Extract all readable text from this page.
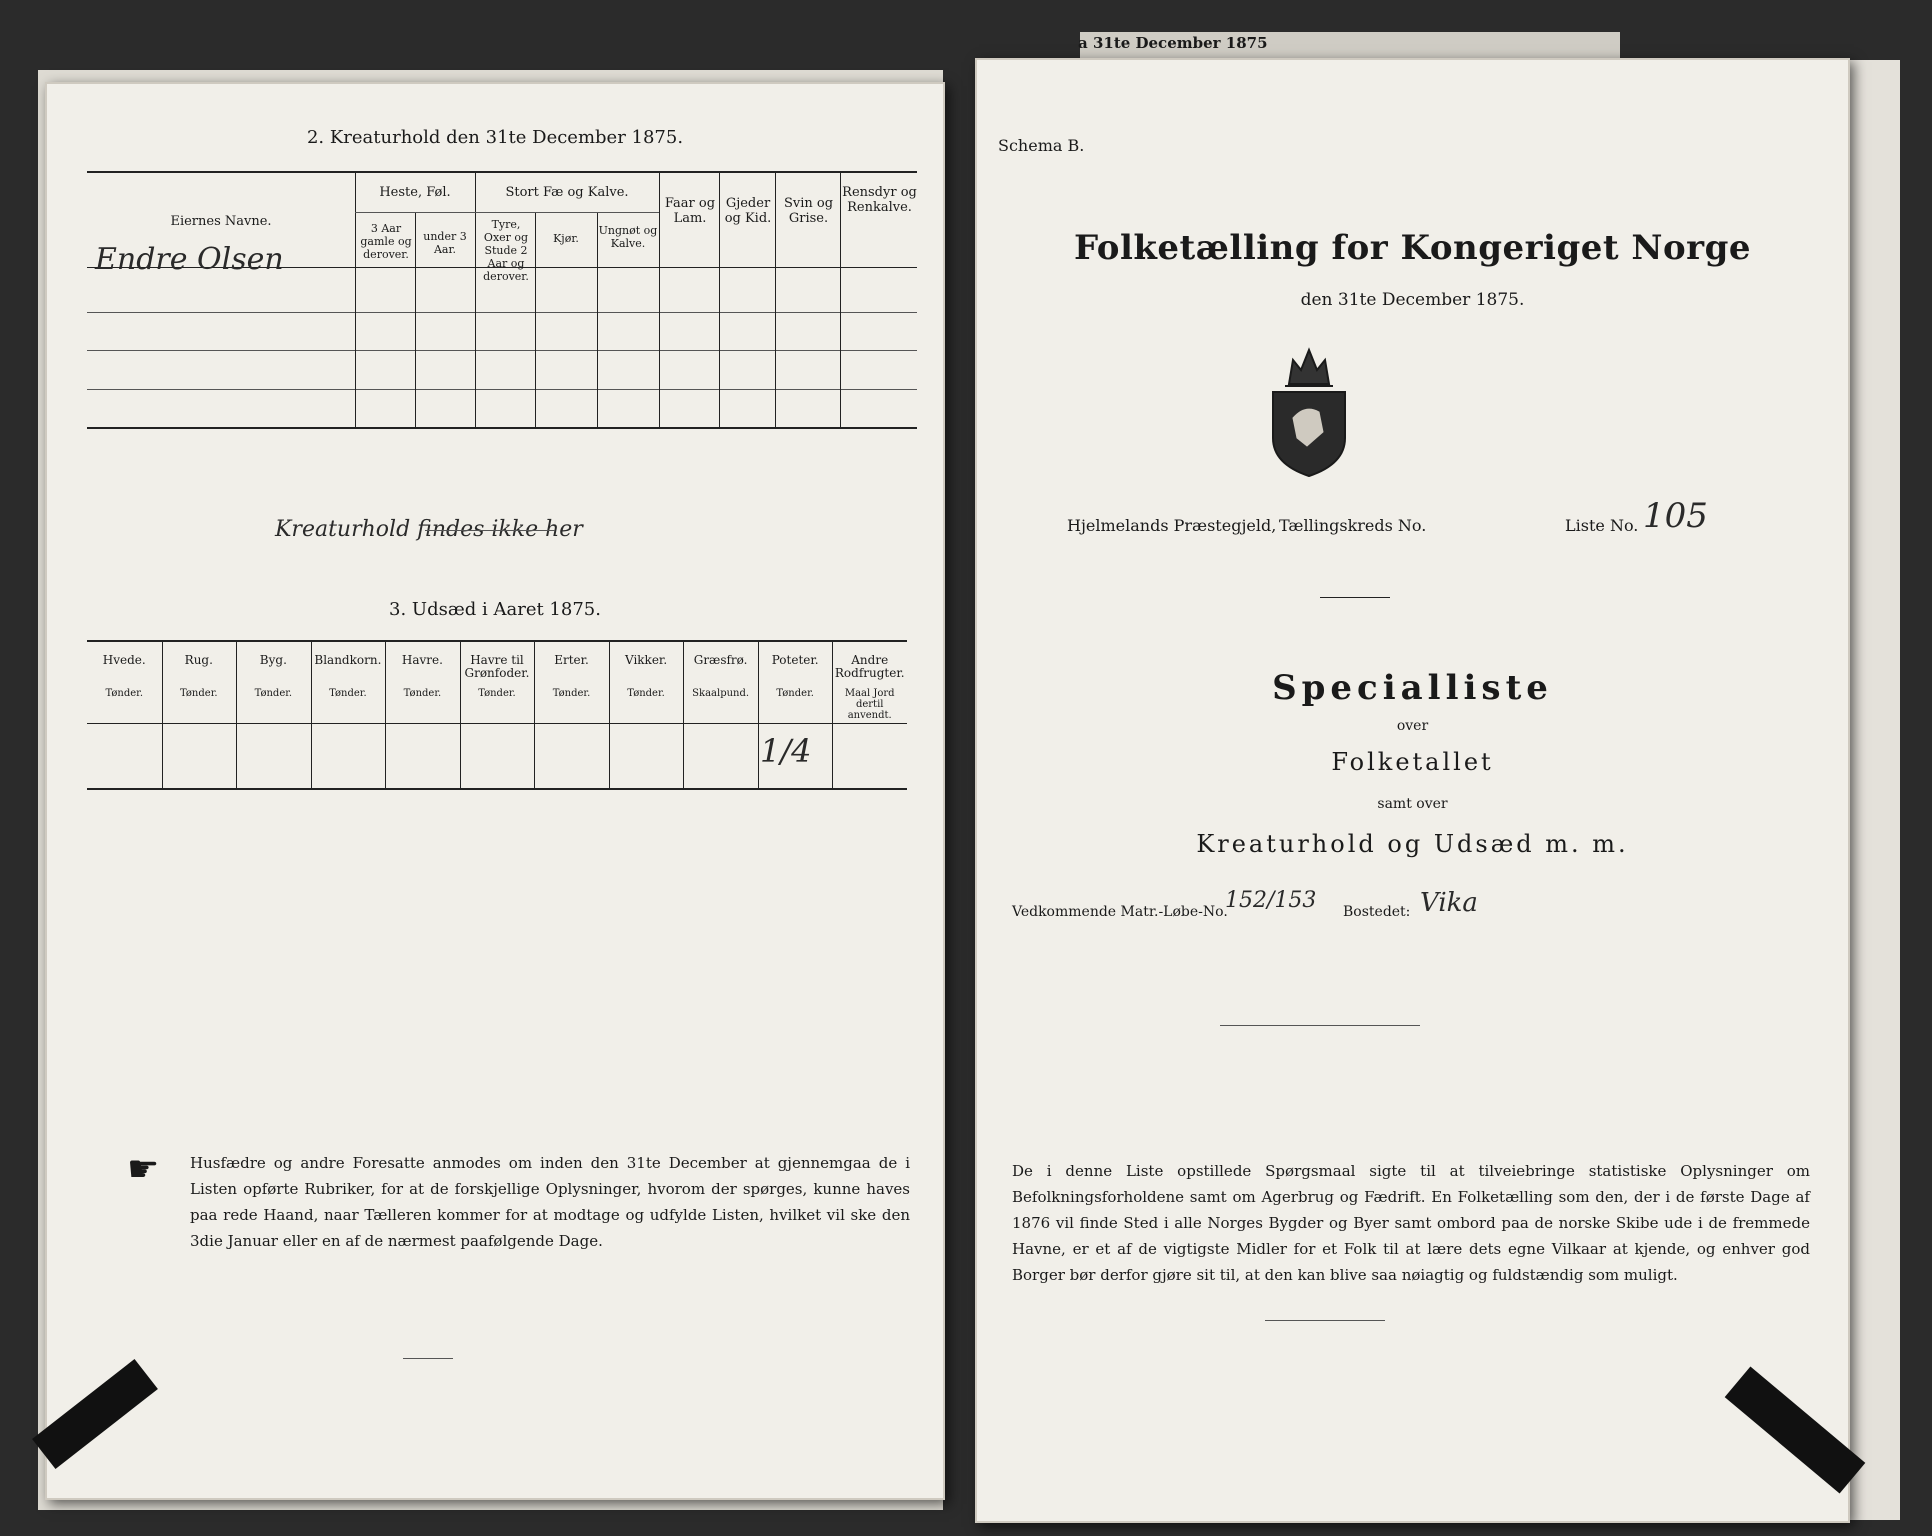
a 31te December 1875
2. Kreaturhold den 31te December 1875.
Eiernes Navne.
Heste, Føl.
3 Aar gamle og derover.
under 3 Aar.
Stort Fæ og Kalve.
Tyre, Oxer og Stude 2 Aar og derover.
Kjør.
Ungnøt og Kalve.
Faar og Lam.
Gjeder og Kid.
Svin og Grise.
Rensdyr og Renkalve.
Endre Olsen
Kreaturhold findes ikke her
3. Udsæd i Aaret 1875.
Hvede.
Tønder.
Rug.
Tønder.
Byg.
Tønder.
Blandkorn.
Tønder.
Havre.
Tønder.
Havre til Grønfoder.
Tønder.
Erter.
Tønder.
Vikker.
Tønder.
Græsfrø.
Skaalpund.
Poteter.
Tønder.
Andre Rodfrugter.
Maal Jord dertil anvendt.
1/4
☛ Husfædre og andre Foresatte anmodes om inden den 31te December at gjennemgaa de i Listen opførte Rubriker, for at de forskjellige Oplysninger, hvorom der spørges, kunne haves paa rede Haand, naar Tælleren kommer for at modtage og udfylde Listen, hvilket vil ske den 3die Januar eller en af de nærmest paafølgende Dage.
Schema B.
Folketælling for Kongeriget Norge
den 31te December 1875.
Hjelmelands Præstegjeld, Tællingskreds No.	Liste No. 105
Specialliste
over
Folketallet
samt over
Kreaturhold og Udsæd m. m.
Vedkommende Matr.-Løbe-No.
152/153 Bostedet: Vika
De i denne Liste opstillede Spørgsmaal sigte til at tilveiebringe statistiske Oplysninger om Befolkningsforholdene samt om Agerbrug og Fædrift. En Folketælling som den, der i de første Dage af 1876 vil finde Sted i alle Norges Bygder og Byer samt ombord paa de norske Skibe ude i de fremmede Havne, er et af de vigtigste Midler for et Folk til at lære dets egne Vilkaar at kjende, og enhver god Borger bør derfor gjøre sit til, at den kan blive saa nøiagtig og fuldstændig som muligt.
